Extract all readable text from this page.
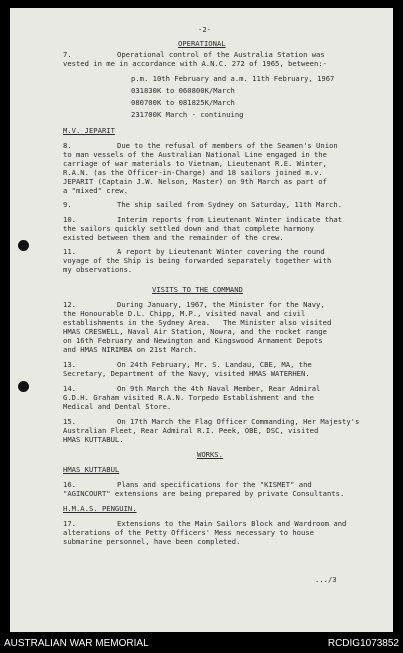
-2-
OPERATIONAL
7.	Operational control of the Australia Station was
vested in me in accordance with A.N.C. 272 of 1965, between:-
p.m. 10th February and a.m. 11th February, 1967
031830K to 060800K/March
080700K to 081825K/March
231700K March - continuing
M.V. JEPARIT
8.	Due to the refusal of members of the Seamen's Union
to man vessels of the Australian National Line engaged in the
carriage of war materials to Vietnam, Lieutenant R.E. Winter,
R.A.N. (as the Officer-in-Charge) and 18 sailors joined m.v.
JEPARIT (Captain J.W. Nelson, Master) on 9th March as part of
a "mixed" crew.
9.	The ship sailed from Sydney on Saturday, 11th March.
10.	Interim reports from Lieutenant Winter indicate that
the sailors quickly settled down and that complete harmony
existed between them and the remainder of the crew.
11.	A report by Lieutenant Winter covering the round
voyage of the Ship is being forwarded separately together with
my observations.
VISITS TO THE COMMAND
12.	During January, 1967, the Minister for the Navy,
the Honourable D.L. Chipp, M.P., visited naval and civil
establishments in the Sydney Area.   The Minister also visited
HMAS CRESWELL, Naval Air Station, Nowra, and the rocket range
on 16th February and Newington and Kingswood Armament Depots
and HMAS NIRIMBA on 21st March.
13.	On 24th February, Mr. S. Landau, CBE, MA, the
Secretary, Department of the Navy, visited HMAS WATERHEN.
14.	On 9th March the 4th Naval Member, Rear Admiral
G.D.H. Graham visited R.A.N. Torpedo Establishment and the
Medical and Dental Store.
15.	On 17th March the Flag Officer Commanding, Her Majesty's
Australian Fleet, Rear Admiral R.I. Peek, OBE, DSC, visited
HMAS KUTTABUL.
WORKS.
HMAS KUTTABUL
16.	Plans and specifications for the "KISMET" and
"AGINCOURT" extensions are being prepared by private Consultants.
H.M.A.S. PENGUIN.
17.	Extensions to the Main Sailors Block and Wardroom and
alterations of the Petty Officers' Mess necessary to house
submarine personnel, have been completed.
.../3
AUSTRALIAN WAR MEMORIAL	RCDIG1073852
